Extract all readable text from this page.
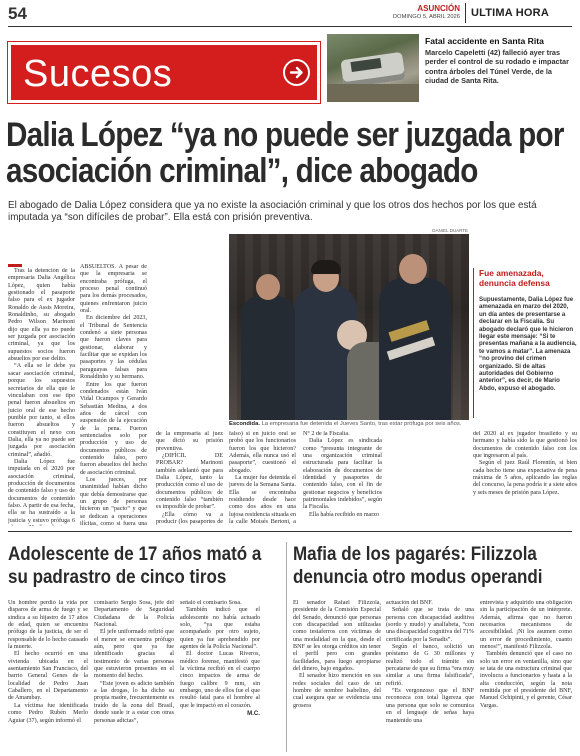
54	ASUNCIÓN
DOMINGO 5, ABRIL 2026 ULTIMA HORA
Sucesos
Fatal accidente en Santa Rita
Marcelo Capeletti (42) falleció ayer tras perder el control de su rodado e impactar contra árboles del Túnel Verde, de la ciudad de Santa Rita.
Dalia López “ya no puede ser juzgada por asociación criminal”, dice abogado
El abogado de Dalia López considera que ya no existe la asociación criminal y que los otros dos hechos por los que está imputada ya “son difíciles de probar”. Ella está con prisión preventiva.
DANIEL DUARTE
Escondida. La empresaria fue detenida el Jueves Santo, tras estar prófuga por seis años.
Fue amenazada, denuncia defensa
Supuestamente, Dalia López fue amenazada en marzo del 2020, un día antes de presentarse a declarar en la Fiscalía. Su abogado declaró que le hicieron llegar este mensaje: “Si te presentas mañana a la audiencia, te vamos a matar”. La amenaza “no provino del crimen organizado. Si de altas autoridades del Gobierno anterior”, es decir, de Mario Abdo, expuso el abogado.

Tras la detención de la empresaria Dalia Angélica López, quien había gestionado el pasaporte falso para el ex jugador Ronaldo de Assis Moreira, Ronaldinho, su abogado Pedro Wilson Marinoni dijo que ella ya no puede ser juzgada por asociación criminal, ya que los supuestos socios fueron absueltos por ese delito.

“A ella se le debe ya sacar asociación criminal, porque los supuestos secretarios de ella que le vinculaban con ese tipo penal fueron absueltos en juicio oral de ese hecho punible por tanto, si ellos fueron absueltos y constituyen el nexo con Dalia, ella ya no puede ser juzgada por asociación criminal”, añadió.

Dalia López fue imputada en el 2020 por asociación criminal, producción de documentos de contenido falso y uso de documentos de contenido falso. A partir de esa fecha, ella se ha sustraído a la justicia y estuvo prófuga 6

ABSUELTOS. A pesar de que la empresaria se encontraba prófuga, el proceso penal continuó para los demás procesados, quienes enfrentaron juicio oral.

En diciembre del 2023, el Tribunal de Sentencia condenó a siete personas que fueron claves para gestionar, elaborar y facilitar que se expidan los pasaportes y las cédulas paraguayas falsas para Ronaldinho y su hermano.

Entre los que fueron condenados están Iván Vidal Ocampos y Gerardo Sebastián Medina, a dos años de cárcel con suspensión de la ejecución de la pena. Fueron sentenciados solo por producción y uso de documentos públicos de contenido falso, pero fueron absueltos del hecho de asociación criminal.

Los jueces, por unanimidad habían dicho que debía demostrarse que un grupo de personas hicieron un “pacto” y que se dedican a operaciones ilícitas, como si fuera una

de la empresaria al juez que dictó su prisión preventiva.

¿DIFÍCIL DE PROBAR? Marinoni también adelantó que para Dalia López, tanto la producción como el uso de documentos públicos de contenido falso “también es imposible de probar”.

¿Ella cómo va a producir (los pasaportes de

falso) si en juicio oral se probó que los funcionarios fueron los que hicieron? Además, ella nunca usó el pasaporte”, cuestionó el abogado.

La mujer fue detenida el jueves de la Semana Santa. Ella se encontraba residiendo desde hace como dos años en una lujosa residencia situada en la calle Moisés Bertoni, a

N° 2 de la Fiscalía.

Dalia López es sindicada como “presunta integrante de una organización criminal estructurada para facilitar la elaboración de documentos de identidad y pasaportes de contenido falso, con el fin de gestionar negocios y beneficios patrimoniales indebidos”, según la Fiscalía.

Ella había recibido en marzo

del 2020 al ex jugador brasileño y su hermano y había sido la que gestionó los documentos de contenido falso con los que ingresaron al país.

Según el juez Raúl Florentín, si bien cada hecho tiene una expectativa de pena máxima de 5 años, aplicando las reglas del concurso, la pena podría ir a siete años y seis meses de prisión para López.

Adolescente de 17 años mató a su padrastro de cinco tiros

Un hombre perdió la vida por disparos de arma de fuego y se sindica a su hijastro de 17 años de edad, quien se encuentra prófugo de la justicia, de ser el responsable de lo hecho causado la muerte.

El hecho ocurrió en una vivienda ubicada en el asentamiento San Francisco, del barrio General Genes de la localidad de Pedro Juan Caballero, en el Departamento de Amambay.

La víctima fue identificada como Pedro Rubén Merlo Aguiar (37), según informó el

comisario Sergio Sosa, jefe del Departamento de Seguridad Ciudadana de la Policía Nacional.

El jefe uniformado refirió que el menor se encuentra prófugo aún, pero que ya fue identificado gracias al testimonio de varias personas que estuvieron presentes en el momento del hecho.

“Este joven es adicto también a las drogas, lo ha dicho su propia madre, frecuentemente es traído de la zona del Brasil, donde suele ir a estar con otras personas adictas”,

señaló el comisario Sosa.

También indicó que el adolescente no había actuado solo, “ya que estaba acompañado por otro sujeto, quien ya fue aprehendido por agentes de la Policía Nacional”.

El doctor Lucas Riveros, médico forense, manifestó que la víctima recibió en el cuerpo cinco impactos de arma de fuego calibre 9 mm, sin embargo, uno de ellos fue el que resultó fatal para el hombre al que le impactó en el corazón.

M.C.

Mafia de los pagarés: Filizzola denuncia otro modus operandi

El senador Rafael Filizzola, presidente de la Comisión Especial del Senado, denunció que personas con discapacidad son utilizadas como testaferros con víctimas de una modalidad en la que, desde el BNF se les otorga créditos sin tener el perfil pero con grandes facilidades, para luego apropiarse del dinero, bajo engaños.

El senador hizo mención en sus redes sociales del caso de un hombre de nombre Isabelino, del cual asegura que se evidencia una grosera

actuación del BNF.

Señaló que se trata de una persona con discapacidad auditiva (sordo y mudo) y analfabeta, “con una discapacidad cognitiva del 71% certificada por la Senadis”.

Según el banco, solicitó un préstamo de G 30 millones y realizó todo el trámite sin percatarse de que su firma “era muy similar a una firma falsificada”, refirió.

“Es vergonzoso que el BNF reconozca con total ligereza que una persona que solo se comunica en el lenguaje de señas haya mantenido una

entrevista y adquirido una obligación sin la participación de un intérprete. Además, afirma que no fueron necesarios mecanismos de accesibilidad. ¡Ni los asumen como un error de procedimiento, cuanto menos!”, manifestó Filizzola.

También denunció que el caso no solo un error en ventanilla, sino que se tata de una estructura criminal que involucra a funcionarios y hasta a la alta conducción, según la nota remitida por el presidente del BNF, Manuel Ochipinti, y el gerente, César Vargas.
